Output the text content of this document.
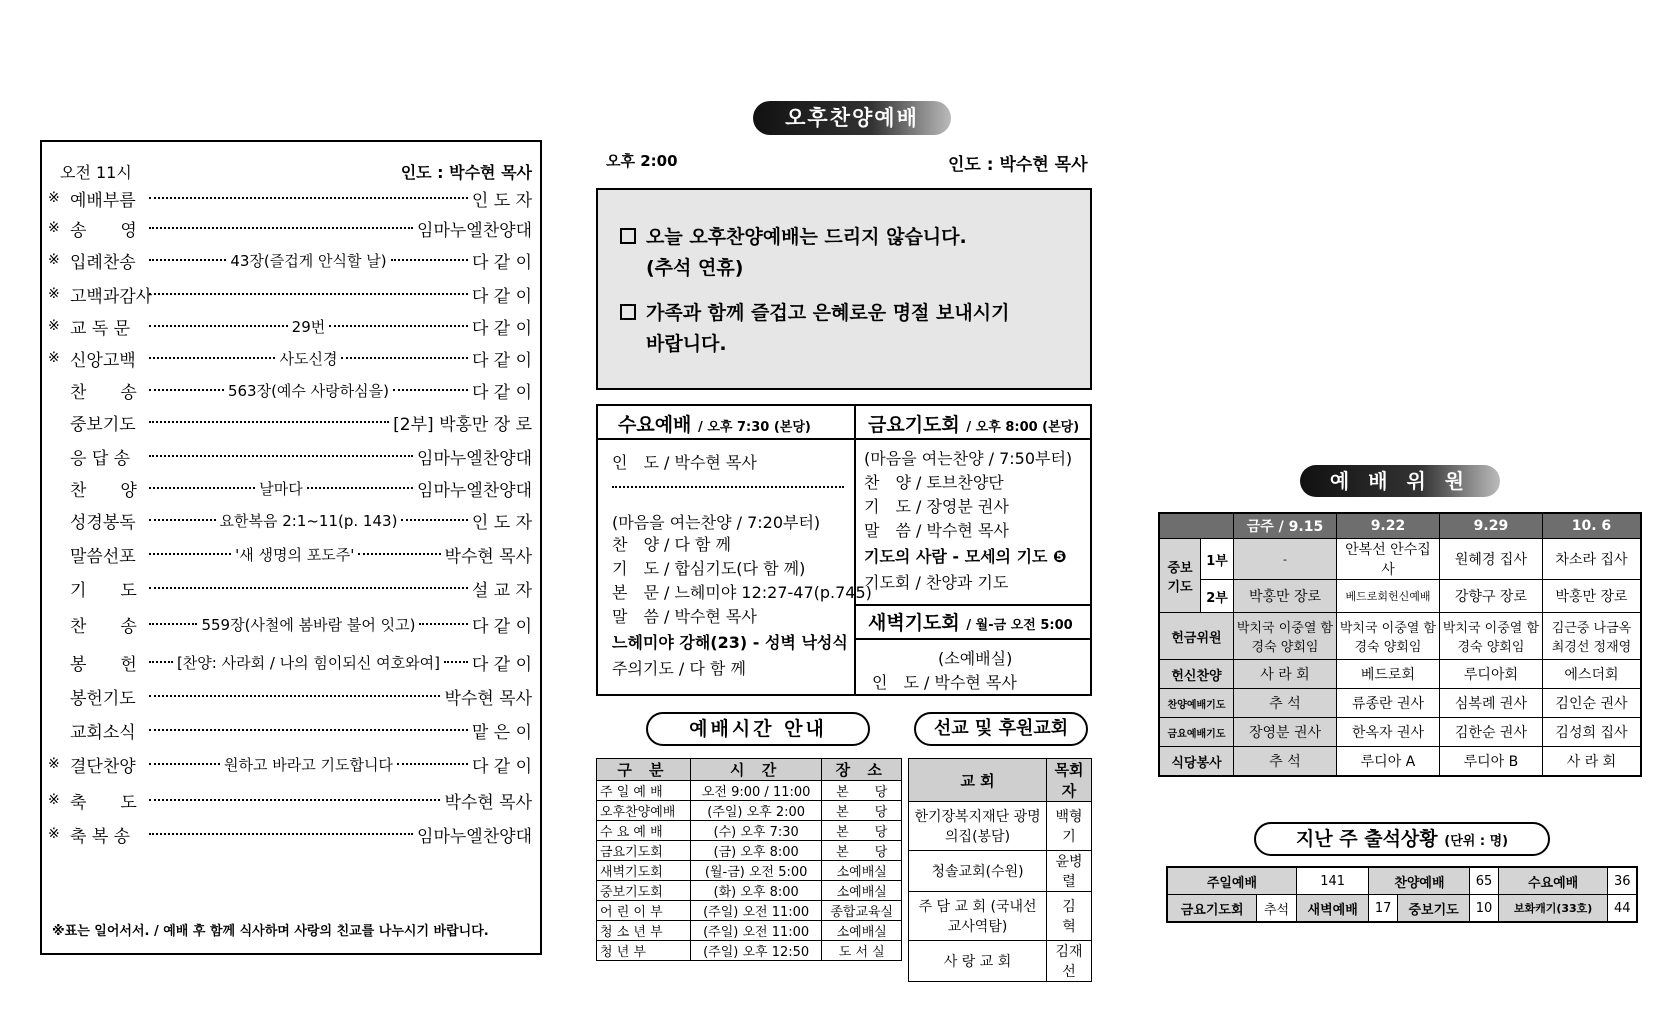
오전 11시	인도 : 박수현 목사
※ 예배부름	인 도 자
※ 송　　영	임마누엘찬양대
※ 입례찬송	43장(즐겁게 안식할 날)	다 같 이
※ 고백과감사	다 같 이
※ 교 독 문	29번	다 같 이
※ 신앙고백	사도신경	다 같 이
찬　　송	563장(예수 사랑하심을)	다 같 이
중보기도	[2부] 박홍만 장 로
응 답 송	임마누엘찬양대
찬　　양	날마다	임마누엘찬양대
성경봉독	요한복음 2:1~11(p. 143)	인 도 자
말씀선포	'새 생명의 포도주'	박수현 목사
기　　도	설 교 자
찬　　송	559장(사철에 봄바람 불어 잇고)	다 같 이
봉　　헌	[찬양: 사라회 / 나의 힘이되신 여호와여] 다 같 이
봉헌기도	박수현 목사
교회소식	맡 은 이
※ 결단찬양	원하고 바라고 기도합니다	다 같 이
※ 축　　도	박수현 목사
※ 축 복 송	임마누엘찬양대
※표는 일어서서. / 예배 후 함께 식사하며 사랑의 친교를 나누시기 바랍니다.
오후찬양예배
오후 2:00	인도 : 박수현 목사
오늘 오후찬양예배는 드리지 않습니다.
(추석 연휴)
가족과 함께 즐겁고 은혜로운 명절 보내시기
바랍니다.
수요예배 / 오후 7:30 (본당)
인　도 / 박수현 목사
(마음을 여는찬양 / 7:20부터)
찬　양 / 다 함 께
기　도 / 합심기도(다 함 께)
본　문 / 느헤미야 12:27-47(p.745)
말　씀 / 박수현 목사
느헤미야 강해(23) - 성벽 낙성식
주의기도 / 다 함 께
금요기도회 / 오후 8:00 (본당)
(마음을 여는찬양 / 7:50부터)
찬　양 / 토브찬양단
기　도 / 장영분 권사
말　씀 / 박수현 목사
기도의 사람 - 모세의 기도 ❺
기도회 / 찬양과 기도
새벽기도회 / 월-금 오전 5:00
(소예배실)
인　도 / 박수현 목사
예배시간 안내	선교 및 후원교회
구 분	시 간	장 소
주 일 예 배	오전 9:00 / 11:00	본　　당
오후찬양예배	(주일) 오후 2:00	본　　당
수 요 예 배	(수) 오후 7:30	본　　당
금요기도회	(금) 오후 8:00	본　　당
새벽기도회	(월-금) 오전 5:00	소예배실
중보기도회	(화) 오후 8:00	소예배실
어 린 이 부	(주일) 오전 11:00	종합교육실
청 소 년 부	(주일) 오전 11:00	소예배실
청 년 부	(주일) 오후 12:50	도 서 실
교 회	목회자
한기장복지재단 광명의집(봉담)	백형기
청솔교회(수원)	윤병렬
주 담 교 회 (국내선교사역탐)	김　혁
사 랑 교 회	김재선
예 배 위 원
		금주 / 9.15	9.22	9.29	10. 6
중보기도	1부	-	안복선 안수집사	원혜경 집사	차소라 집사
	2부	박홍만 장로	베드로회헌신예배	강향구 장로	박홍만 장로
헌금위원		박치국 이중열 함경숙 양회임	박치국 이중열 함경숙 양회임	박치국 이중열 함경숙 양회임	김근중 나금옥 최경선 정재영
헌신찬양		사 라 회	베드로회	루디아회	에스더회
찬양예배기도		추 석	류종란 권사	심복례 권사	김인순 권사
금요예배기도		장영분 권사	한옥자 권사	김한순 권사	김성희 집사
식당봉사		추 석	루디아 A	루디아 B	사 라 회
지난 주 출석상황 (단위 : 명)
주일예배		141	찬양예배		65	수요예배	36
금요기도회	추석	새벽예배	17	중보기도	10	보화캐기(33호)	44
